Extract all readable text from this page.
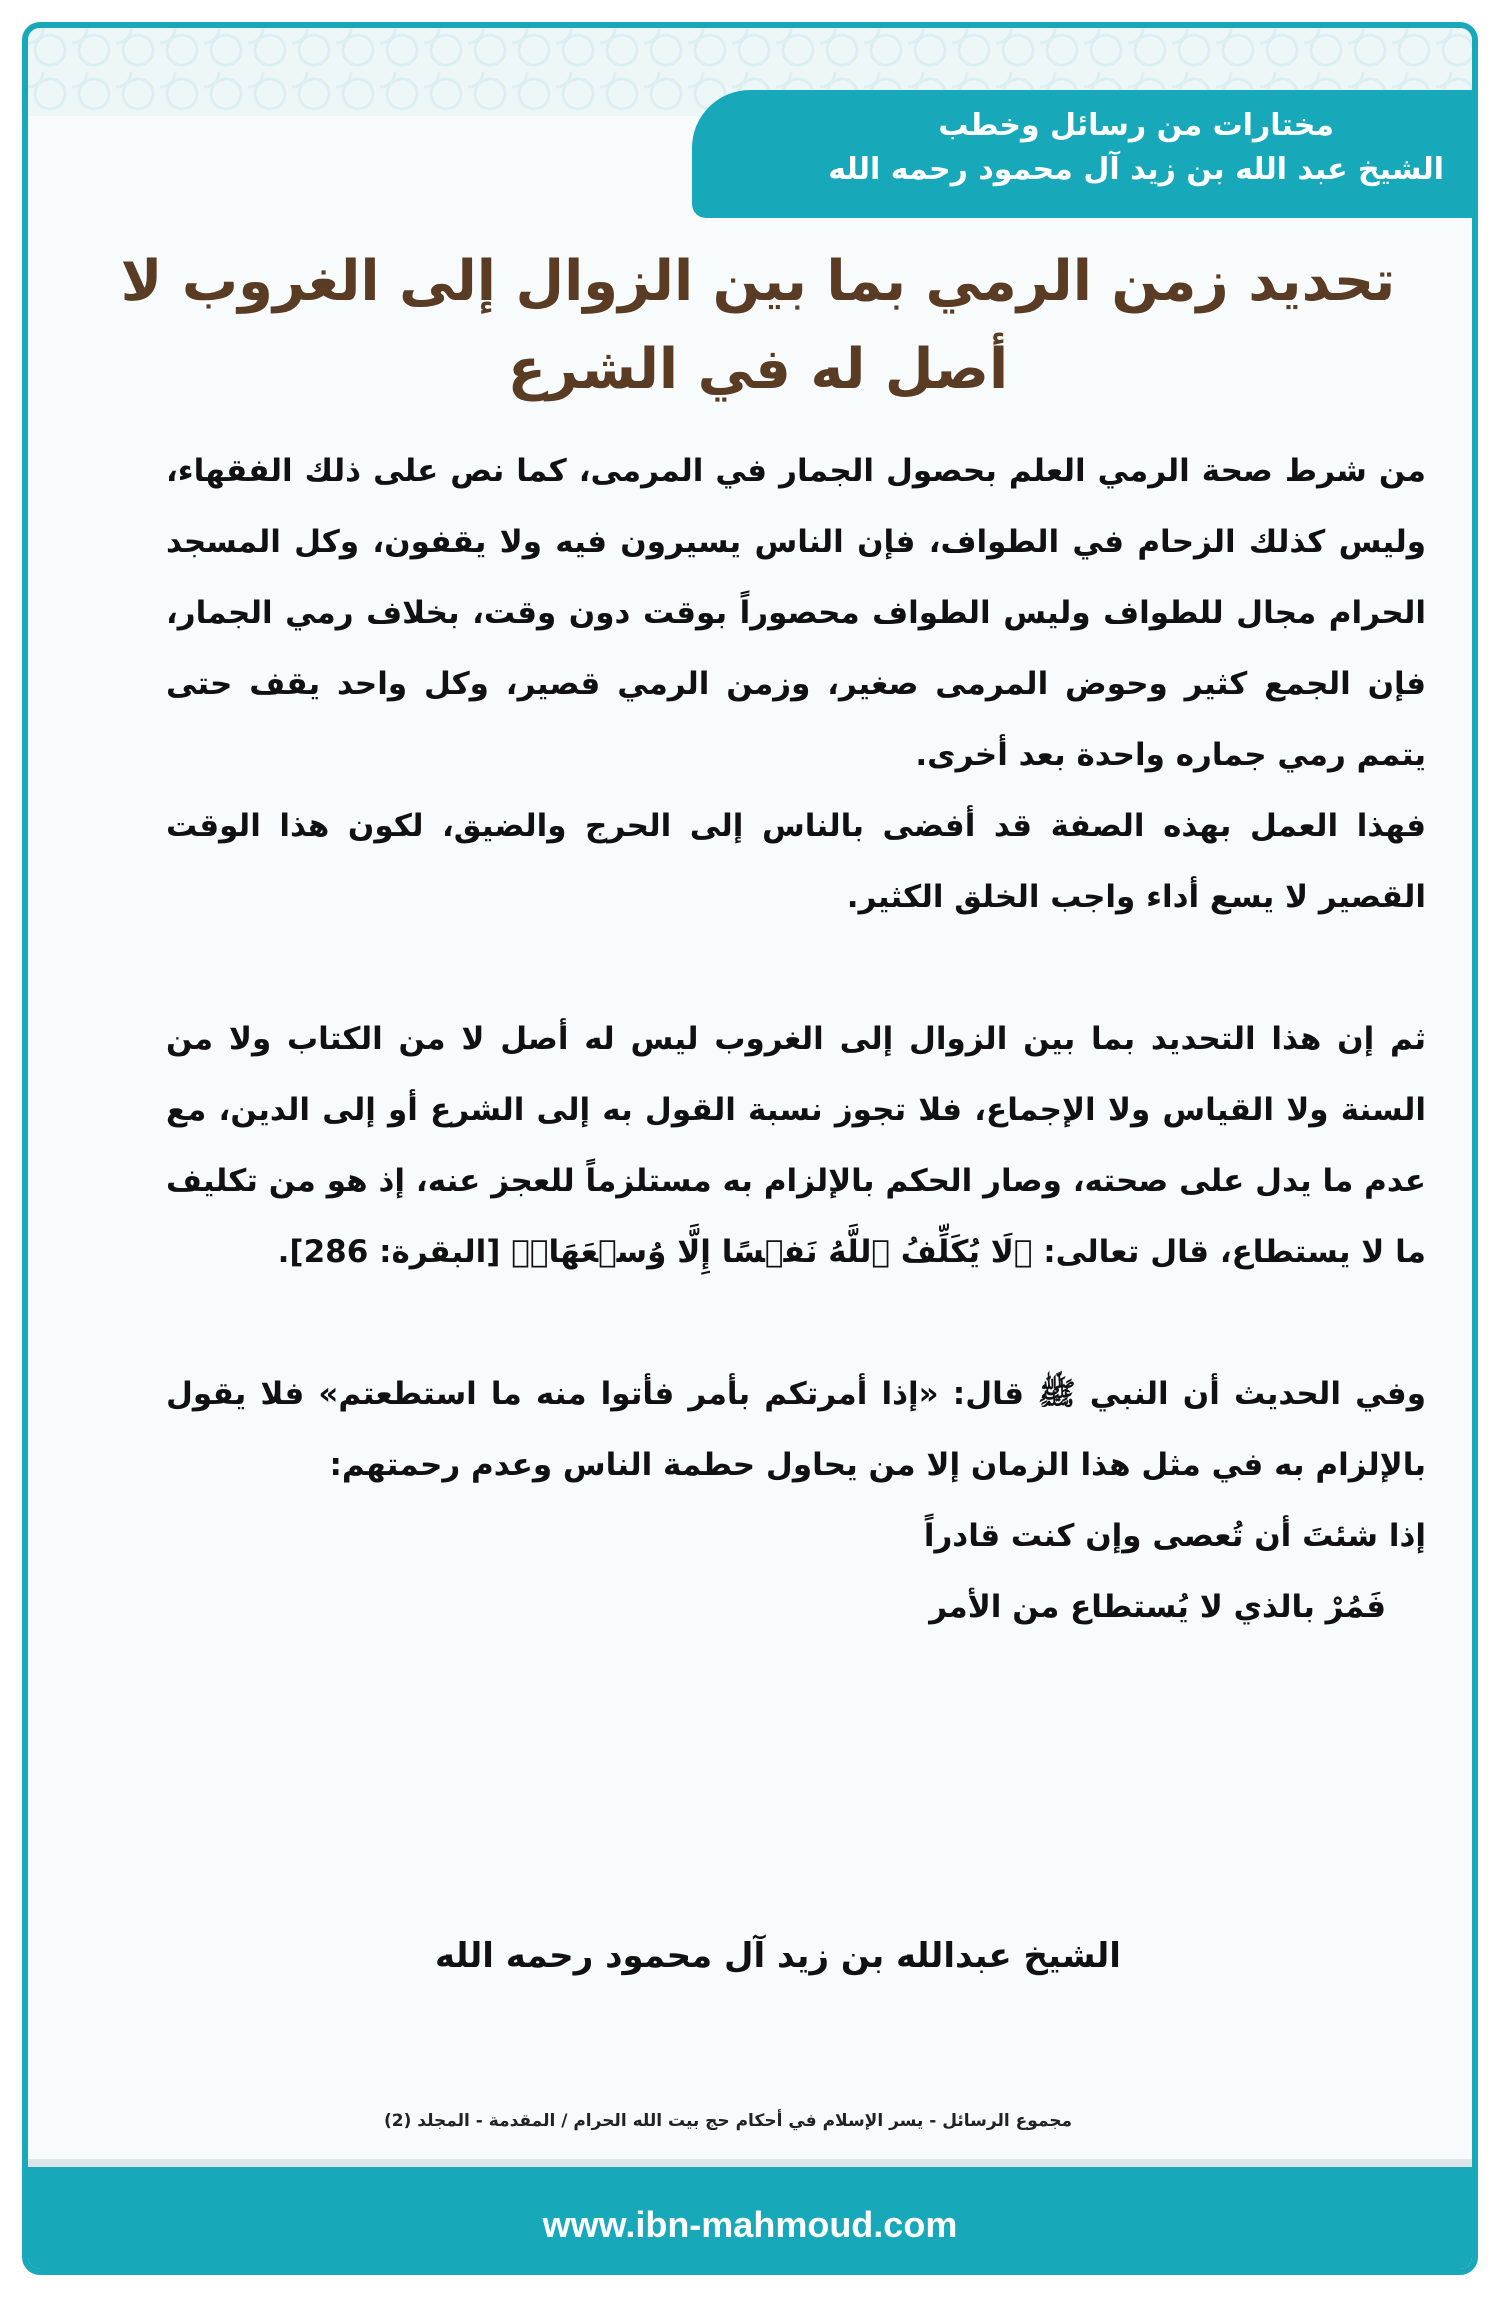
مختارات من رسائل وخطب
الشيخ عبد الله بن زيد آل محمود رحمه الله
تحديد زمن الرمي بما بين الزوال إلى الغروب لا
أصل له في الشرع

من شرط صحة الرمي العلم بحصول الجمار في المرمى، كما نص على ذلك الفقهاء، وليس كذلك الزحام في الطواف، فإن الناس يسيرون فيه ولا يقفون، وكل المسجد الحرام مجال للطواف وليس الطواف محصوراً بوقت دون وقت، بخلاف رمي الجمار، فإن الجمع كثير وحوض المرمى صغير، وزمن الرمي قصير، وكل واحد يقف حتى يتمم رمي جماره واحدة بعد أخرى.

فهذا العمل بهذه الصفة قد أفضى بالناس إلى الحرج والضيق، لكون هذا الوقت القصير لا يسع أداء واجب الخلق الكثير.

ثم إن هذا التحديد بما بين الزوال إلى الغروب ليس له أصل لا من الكتاب ولا من السنة ولا القياس ولا الإجماع، فلا تجوز نسبة القول به إلى الشرع أو إلى الدين، مع عدم ما يدل على صحته، وصار الحكم بالإلزام به مستلزماً للعجز عنه، إذ هو من تكليف ما لا يستطاع، قال تعالى: ﴿لَا يُكَلِّفُ ٱللَّهُ نَفۡسًا إِلَّا وُسۡعَهَاۚ﴾ [البقرة: 286].

وفي الحديث أن النبي ﷺ قال: «إذا أمرتكم بأمر فأتوا منه ما استطعتم» فلا يقول بالإلزام به في مثل هذا الزمان إلا من يحاول حطمة الناس وعدم رحمتهم:

إذا شئتَ أن تُعصى وإن كنت قادراً

فَمُرْ بالذي لا يُستطاع من الأمر

الشيخ عبدالله بن زيد آل محمود رحمه الله

مجموع الرسائل - يسر الإسلام في أحكام حج بيت الله الحرام / المقدمة - المجلد (2)
www.ibn-mahmoud.com
